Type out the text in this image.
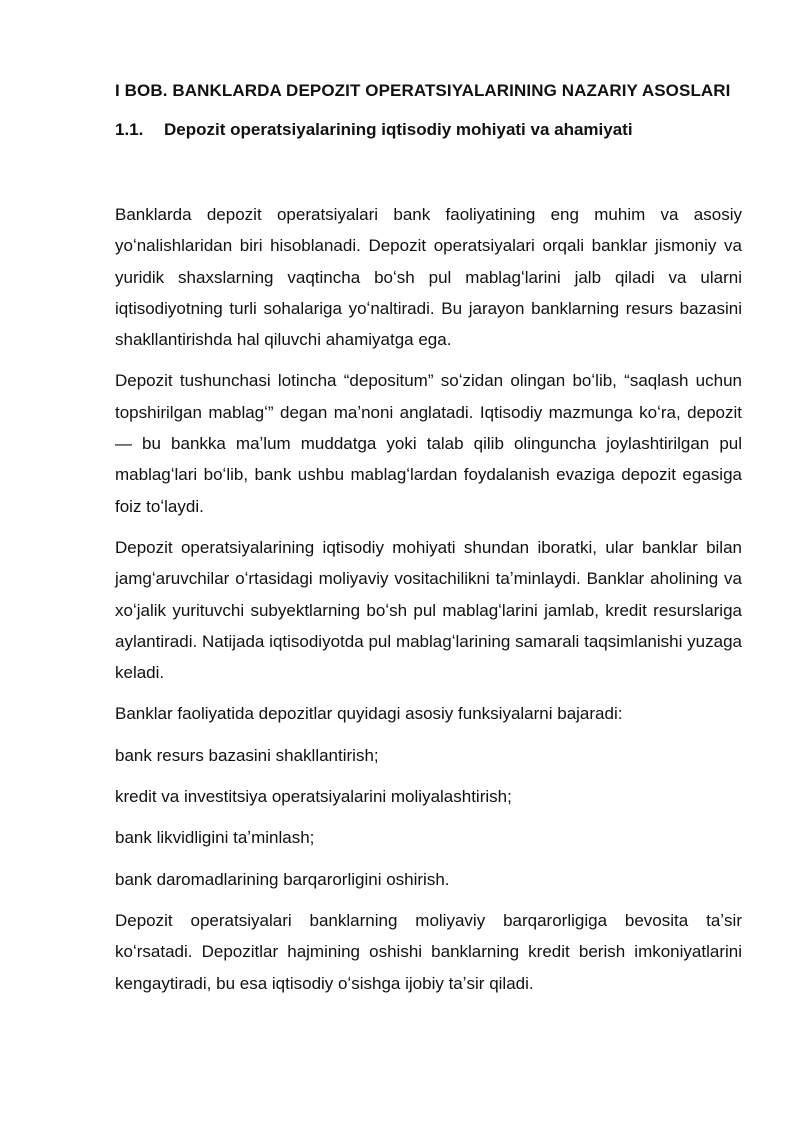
I BOB. BANKLARDA DEPOZIT OPERATSIYALARINING NAZARIY ASOSLARI
1.1.	Depozit operatsiyalarining iqtisodiy mohiyati va ahamiyati

Banklarda depozit operatsiyalari bank faoliyatining eng muhim va asosiy yoʻnalishlaridan biri hisoblanadi. Depozit operatsiyalari orqali banklar jismoniy va yuridik shaxslarning vaqtincha boʻsh pul mablagʻlarini jalb qiladi va ularni iqtisodiyotning turli sohalariga yoʻnaltiradi. Bu jarayon banklarning resurs bazasini shakllantirishda hal qiluvchi ahamiyatga ega.

Depozit tushunchasi lotincha “depositum” soʻzidan olingan boʻlib, “saqlash uchun topshirilgan mablagʻ” degan maʼnoni anglatadi. Iqtisodiy mazmunga koʻra, depozit — bu bankka maʼlum muddatga yoki talab qilib olinguncha joylashtirilgan pul mablagʻlari boʻlib, bank ushbu mablagʻlardan foydalanish evaziga depozit egasiga foiz toʻlaydi.

Depozit operatsiyalarining iqtisodiy mohiyati shundan iboratki, ular banklar bilan jamgʻaruvchilar oʻrtasidagi moliyaviy vositachilikni taʼminlaydi. Banklar aholining va xoʻjalik yurituvchi subyektlarning boʻsh pul mablagʻlarini jamlab, kredit resurslariga aylantiradi. Natijada iqtisodiyotda pul mablagʻlarining samarali taqsimlanishi yuzaga keladi.

Banklar faoliyatida depozitlar quyidagi asosiy funksiyalarni bajaradi:

bank resurs bazasini shakllantirish;
kredit va investitsiya operatsiyalarini moliyalashtirish;
bank likvidligini taʼminlash;
bank daromadlarining barqarorligini oshirish.

Depozit operatsiyalari banklarning moliyaviy barqarorligiga bevosita taʼsir koʻrsatadi. Depozitlar hajmining oshishi banklarning kredit berish imkoniyatlarini kengaytiradi, bu esa iqtisodiy oʻsishga ijobiy taʼsir qiladi.
